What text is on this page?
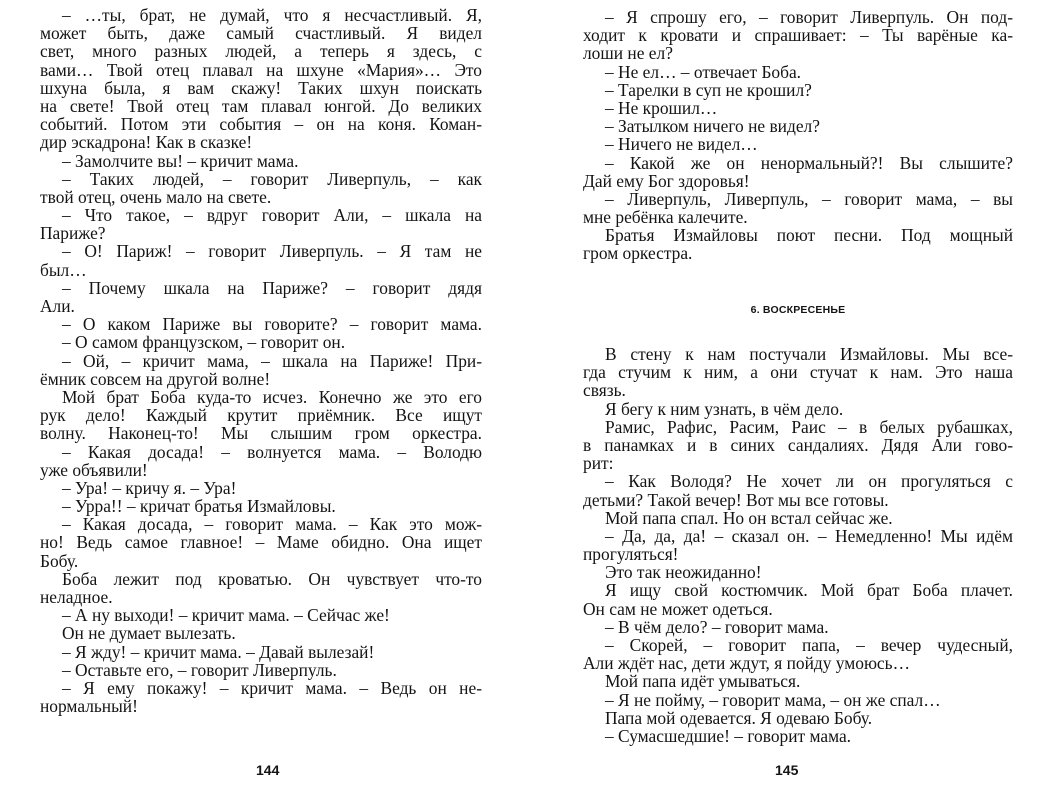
– …ты, брат, не думай, что я несчастливый. Я,
может быть, даже самый счастливый. Я видел
свет, много разных людей, а теперь я здесь, с
вами… Твой отец плавал на шхуне «Мария»… Это
шхуна была, я вам скажу! Таких шхун поискать
на свете! Твой отец там плавал юнгой. До великих
событий. Потом эти события – он на коня. Коман-
дир эскадрона! Как в сказке!
– Замолчите вы! – кричит мама.
– Таких людей, – говорит Ливерпуль, – как
твой отец, очень мало на свете.
– Что такое, – вдруг говорит Али, – шкала на
Париже?
– О! Париж! – говорит Ливерпуль. – Я там не
был…
– Почему шкала на Париже? – говорит дядя
Али.
– О каком Париже вы говорите? – говорит мама.
– О самом французском, – говорит он.
– Ой, – кричит мама, – шкала на Париже! При-
ёмник совсем на другой волне!
Мой брат Боба куда-то исчез. Конечно же это его
рук дело! Каждый крутит приёмник. Все ищут
волну. Наконец-то! Мы слышим гром оркестра.
– Какая досада! – волнуется мама. – Володю
уже объявили!
– Ура! – кричу я. – Ура!
– Урра!! – кричат братья Измайловы.
– Какая досада, – говорит мама. – Как это мож-
но! Ведь самое главное! – Маме обидно. Она ищет
Бобу.
Боба лежит под кроватью. Он чувствует что-то
неладное.
– А ну выходи! – кричит мама. – Сейчас же!
Он не думает вылезать.
– Я жду! – кричит мама. – Давай вылезай!
– Оставьте его, – говорит Ливерпуль.
– Я ему покажу! – кричит мама. – Ведь он не-
нормальный!
144
– Я спрошу его, – говорит Ливерпуль. Он под-
ходит к кровати и спрашивает: – Ты варёные ка-
лоши не ел?
– Не ел… – отвечает Боба.
– Тарелки в суп не крошил?
– Не крошил…
– Затылком ничего не видел?
– Ничего не видел…
– Какой же он ненормальный?! Вы слышите?
Дай ему Бог здоровья!
– Ливерпуль, Ливерпуль, – говорит мама, – вы
мне ребёнка калечите.
Братья Измайловы поют песни. Под мощный
гром оркестра.
6. ВОСКРЕСЕНЬЕ
В стену к нам постучали Измайловы. Мы все-
гда стучим к ним, а они стучат к нам. Это наша
связь.
Я бегу к ним узнать, в чём дело.
Рамис, Рафис, Расим, Раис – в белых рубашках,
в панамках и в синих сандалиях. Дядя Али гово-
рит:
– Как Володя? Не хочет ли он прогуляться с
детьми? Такой вечер! Вот мы все готовы.
Мой папа спал. Но он встал сейчас же.
– Да, да, да! – сказал он. – Немедленно! Мы идём
прогуляться!
Это так неожиданно!
Я ищу свой костюмчик. Мой брат Боба плачет.
Он сам не может одеться.
– В чём дело? – говорит мама.
– Скорей, – говорит папа, – вечер чудесный,
Али ждёт нас, дети ждут, я пойду умоюсь…
Мой папа идёт умываться.
– Я не пойму, – говорит мама, – он же спал…
Папа мой одевается. Я одеваю Бобу.
– Сумасшедшие! – говорит мама.
145
